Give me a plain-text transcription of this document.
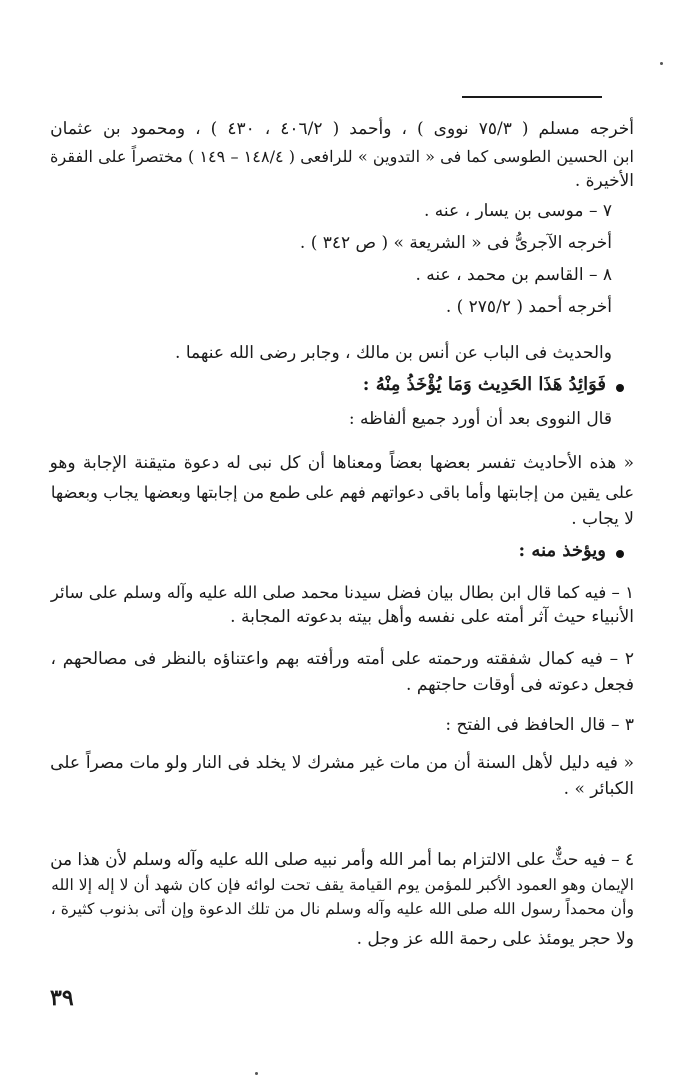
أخرجه مسلم ( ٧٥/٣ نووى ) ، وأحمد ( ٤٠٦/٢ ، ٤٣٠ ) ، ومحمود بن عثمان
ابن الحسين الطوسى كما فى « التدوين » للرافعى ( ١٤٨/٤ – ١٤٩ ) مختصراً على الفقرة
الأخيرة .
٧ – موسى بن يسار ، عنه .
أخرجه الآجرىُّ فى « الشريعة » ( ص ٣٤٢ ) .
٨ – القاسم بن محمد ، عنه .
أخرجه أحمد ( ٢٧٥/٢ ) .
والحديث فى الباب عن أنس بن مالك ، وجابر رضى الله عنهما .
فَوَائِدُ هَذَا الحَدِيث وَمَا يُؤْخَذُ مِنْهُ :
قال النووى بعد أن أورد جميع ألفاظه :
« هذه الأحاديث تفسر بعضها بعضاً ومعناها أن كل نبى له دعوة متيقنة الإجابة وهو
على يقين من إجابتها وأما باقى دعواتهم فهم على طمع من إجابتها وبعضها يجاب وبعضها
لا يجاب .
ويؤخذ منه :
١ – فيه كما قال ابن بطال بيان فضل سيدنا محمد صلى الله عليه وآله وسلم على سائر
الأنبياء حيث آثر أمته على نفسه وأهل بيته بدعوته المجابة .
٢ – فيه كمال شفقته ورحمته على أمته ورأفته بهم واعتناؤه بالنظر فى مصالحهم ،
فجعل دعوته فى أوقات حاجتهم .
٣ – قال الحافظ فى الفتح :
« فيه دليل لأهل السنة أن من مات غير مشرك لا يخلد فى النار ولو مات مصراً على
الكبائر » .
٤ – فيه حثٌّ على الالتزام بما أمر الله وأمر نبيه صلى الله عليه وآله وسلم لأن هذا من
الإيمان وهو العمود الأكبر للمؤمن يوم القيامة يقف تحت لوائه فإن كان شهد أن لا إله إلا الله
وأن محمداً رسول الله صلى الله عليه وآله وسلم نال من تلك الدعوة وإن أتى بذنوب كثيرة ،
ولا حجر يومئذ على رحمة الله عز وجل .
٣٩
